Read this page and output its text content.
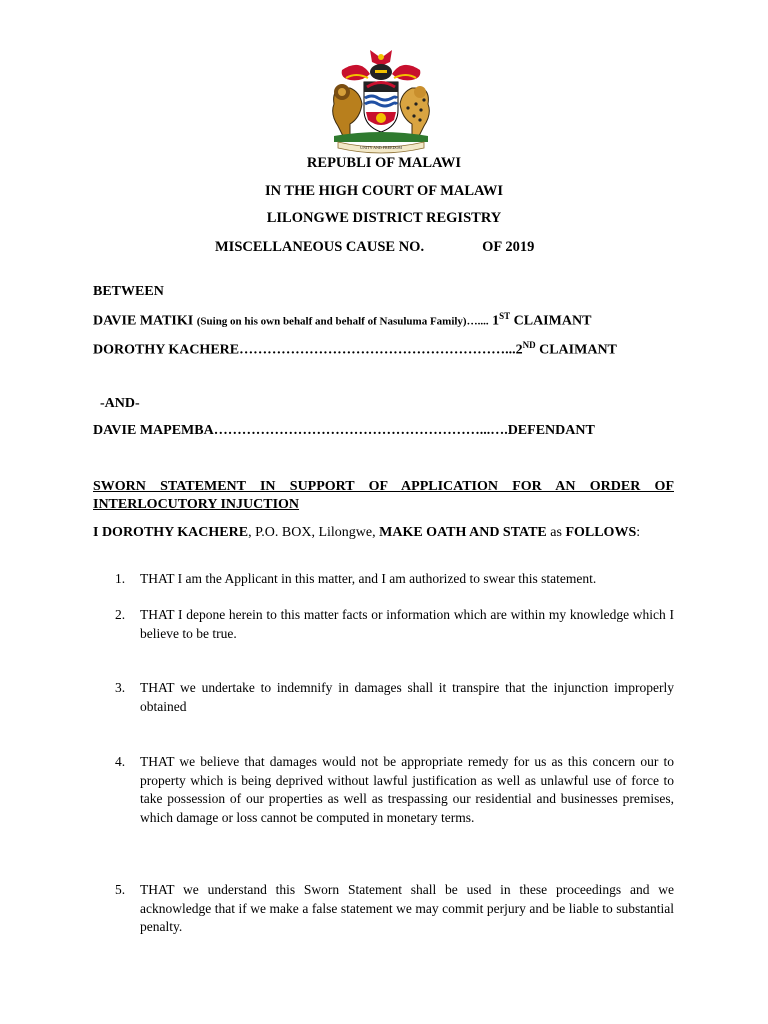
UNITY AND FREEDOM
REPUBLI OF MALAWI
IN THE HIGH COURT OF MALAWI
LILONGWE DISTRICT REGISTRY
MISCELLANEOUS CAUSE NO.	OF 2019
BETWEEN
DAVIE MATIKI (Suing on his own behalf and behalf of Nasuluma Family)….... 1ST CLAIMANT
DOROTHY KACHERE…………………………………………………...2ND CLAIMANT
-AND-
DAVIE MAPEMBA…………………………………………………...….DEFENDANT
SWORN STATEMENT IN SUPPORT OF APPLICATION FOR AN ORDER OF INTERLOCUTORY INJUCTION
I DOROTHY KACHERE, P.O. BOX, Lilongwe, MAKE OATH AND STATE as FOLLOWS:
1. THAT I am the Applicant in this matter, and I am authorized to swear this statement.
2. THAT I depone herein to this matter facts or information which are within my knowledge which I believe to be true.
3. THAT we undertake to indemnify in damages shall it transpire that the injunction improperly obtained
4. THAT we believe that damages would not be appropriate remedy for us as this concern our to property which is being deprived without lawful justification as well as unlawful use of force to take possession of our properties as well as trespassing our residential and businesses premises, which damage or loss cannot be computed in monetary terms.
5. THAT we understand this Sworn Statement shall be used in these proceedings and we acknowledge that if we make a false statement we may commit perjury and be liable to substantial penalty.
